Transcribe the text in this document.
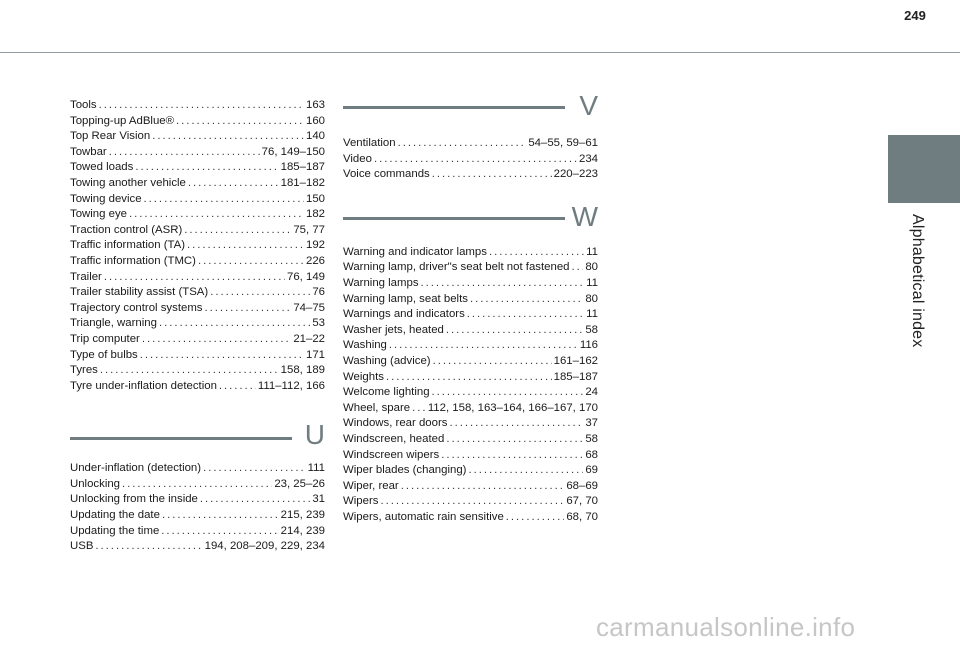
249
Alphabetical index
Tools . . .	163
Topping-up AdBlue® . . .	160
Top Rear Vision . . .	140
Towbar . . .	76, 149–150
Towed loads . . .	185–187
Towing another vehicle . . .	181–182
Towing device . . .	150
Towing eye . . .	182
Traction control (ASR) . . .	75, 77
Traffic information (TA) . . .	192
Traffic information (TMC) . . .	226
Trailer . . .	76, 149
Trailer stability assist (TSA) . . .	76
Trajectory control systems . . .	74–75
Triangle, warning . . .	53
Trip computer . . .	21–22
Type of bulbs . . .	171
Tyres . . .	158, 189
Tyre under-inflation detection . . .	111–112, 166
U
Under-inflation (detection) . . .	111
Unlocking . . .	23, 25–26
Unlocking from the inside . . .	31
Updating the date . . .	215, 239
Updating the time . . .	214, 239
USB . . .	194, 208–209, 229, 234
V
Ventilation . . .	54–55, 59–61
Video . . .	234
Voice commands . . .	220–223
W
Warning and indicator lamps . . .	11
Warning lamp, driver"s seat belt not fastened . . . 80
Warning lamps . . .	11
Warning lamp, seat belts . . .	80
Warnings and indicators . . .	11
Washer jets, heated . . .	58
Washing . . .	116
Washing (advice) . . .	161–162
Weights . . .	185–187
Welcome lighting . . .	24
Wheel, spare . . . 112, 158, 163–164, 166–167, 170
Windows, rear doors . . .	37
Windscreen, heated . . .	58
Windscreen wipers . . .	68
Wiper blades (changing) . . .	69
Wiper, rear . . .	68–69
Wipers . . .	67, 70
Wipers, automatic rain sensitive . . .	68, 70
carmanualsonline.info
